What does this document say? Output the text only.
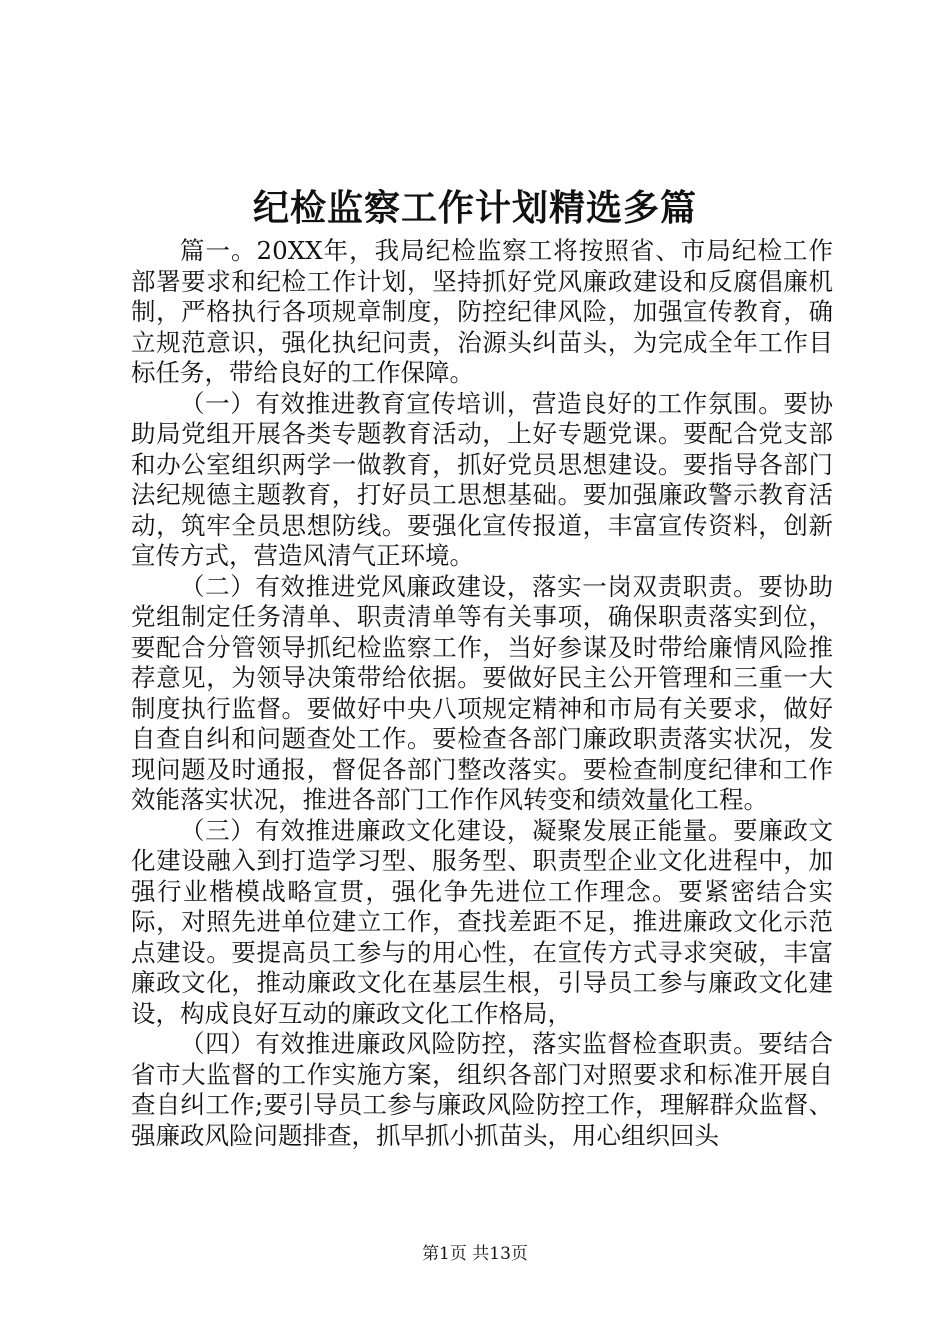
纪检监察工作计划精选多篇

篇一。20XX年，我局纪检监察工将按照省、市局纪检工作部署要求和纪检工作计划，坚持抓好党风廉政建设和反腐倡廉机制，严格执行各项规章制度，防控纪律风险，加强宣传教育，确立规范意识，强化执纪问责，治源头纠苗头，为完成全年工作目标任务，带给良好的工作保障。

（一）有效推进教育宣传培训，营造良好的工作氛围。要协助局党组开展各类专题教育活动，上好专题党课。要配合党支部和办公室组织两学一做教育，抓好党员思想建设。要指导各部门法纪规德主题教育，打好员工思想基础。要加强廉政警示教育活动，筑牢全员思想防线。要强化宣传报道，丰富宣传资料，创新宣传方式，营造风清气正环境。

（二）有效推进党风廉政建设，落实一岗双责职责。要协助党组制定任务清单、职责清单等有关事项，确保职责落实到位，要配合分管领导抓纪检监察工作，当好参谋及时带给廉情风险推荐意见，为领导决策带给依据。要做好民主公开管理和三重一大制度执行监督。要做好中央八项规定精神和市局有关要求，做好自查自纠和问题查处工作。要检查各部门廉政职责落实状况，发现问题及时通报，督促各部门整改落实。要检查制度纪律和工作效能落实状况，推进各部门工作作风转变和绩效量化工程。

（三）有效推进廉政文化建设，凝聚发展正能量。要廉政文化建设融入到打造学习型、服务型、职责型企业文化进程中，加强行业楷模战略宣贯，强化争先进位工作理念。要紧密结合实际，对照先进单位建立工作，查找差距不足，推进廉政文化示范点建设。要提高员工参与的用心性，在宣传方式寻求突破，丰富廉政文化，推动廉政文化在基层生根，引导员工参与廉政文化建设，构成良好互动的廉政文化工作格局，

（四）有效推进廉政风险防控，落实监督检查职责。要结合省市大监督的工作实施方案，组织各部门对照要求和标准开展自查自纠工作;要引导员工参与廉政风险防控工作，理解群众监督、强廉政风险问题排查，抓早抓小抓苗头，用心组织回头

第1页 共13页
